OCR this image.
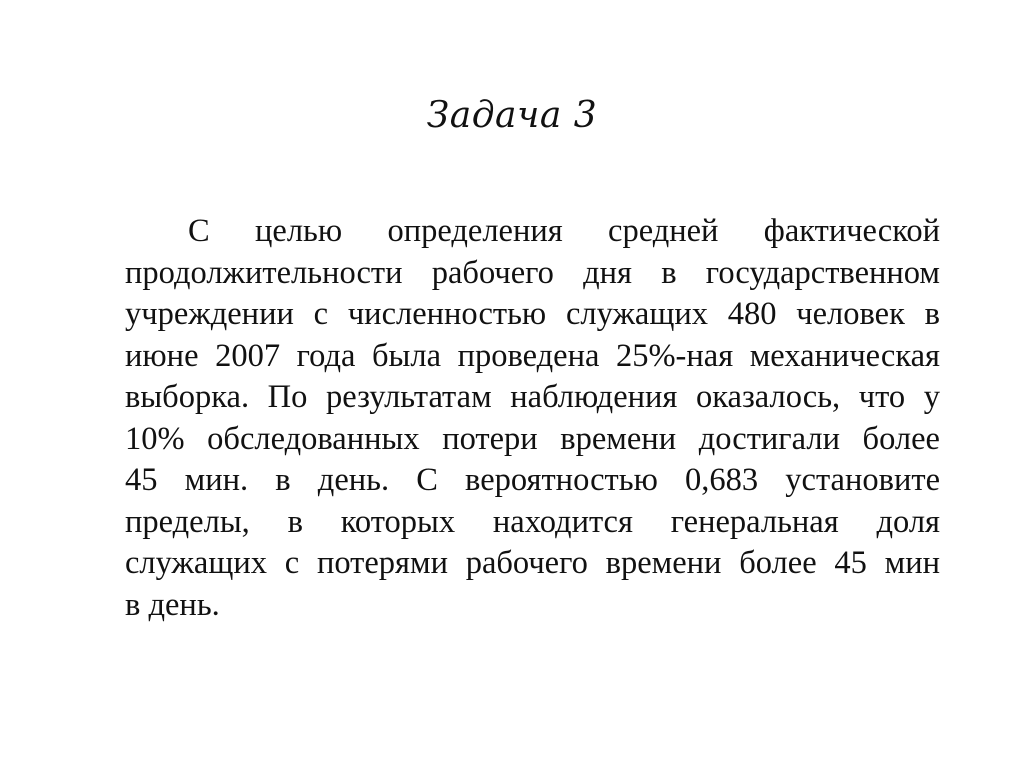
Задача 3
С целью определения средней фактической
продолжительности рабочего дня в государственном
учреждении с численностью служащих 480 человек в
июне 2007 года была проведена 25%-ная механическая
выборка. По результатам наблюдения оказалось, что у
10% обследованных потери времени достигали более
45 мин. в день. С вероятностью 0,683 установите
пределы, в которых находится генеральная доля
служащих с потерями рабочего времени более 45 мин
в день.
